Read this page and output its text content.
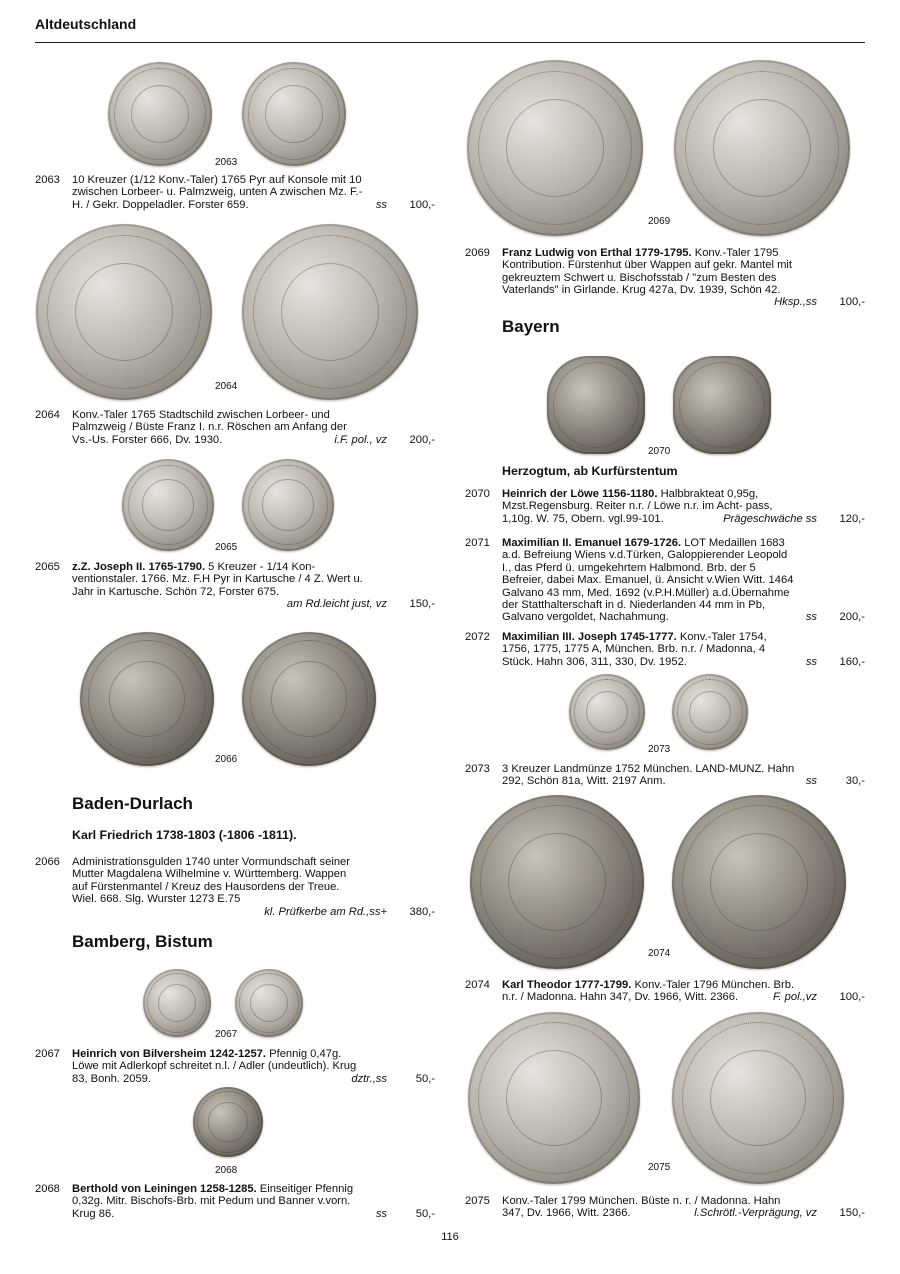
Altdeutschland
2063
2063	10 Kreuzer (1/12 Konv.-Taler) 1765 Pyr auf Konsole mit 10
zwischen Lorbeer- u. Palmzweig, unten A zwischen Mz. F.-
H. / Gekr. Doppeladler. Forster 659.	ss	100,-
2064
2064	Konv.-Taler 1765 Stadtschild zwischen Lorbeer- und
Palmzweig / Büste Franz I. n.r. Röschen am Anfang der
Vs.-Us. Forster 666, Dv. 1930.	i.F. pol., vz	200,-
2065
2065	z.Z. Joseph II. 1765-1790. 5 Kreuzer - 1/14 Kon-
ventionstaler. 1766. Mz. F.H Pyr in Kartusche / 4 Z. Wert u.
Jahr in Kartusche. Schön 72, Forster 675.
am Rd.leicht just, vz	150,-
2066
Baden-Durlach
Karl Friedrich 1738-1803 (-1806 -1811).
2066	Administrationsgulden 1740 unter Vormundschaft seiner
Mutter Magdalena Wilhelmine v. Württemberg. Wappen
auf Fürstenmantel / Kreuz des Hausordens der Treue.
Wiel. 668. Slg. Wurster 1273 E.75
kl. Prüfkerbe am Rd.,ss+	380,-
Bamberg, Bistum
2067
2067	Heinrich von Bilversheim 1242-1257. Pfennig 0,47g.
Löwe mit Adlerkopf schreitet n.l. / Adler (undeutlich). Krug
83, Bonh. 2059.	dztr.,ss	50,-
2068
2068	Berthold von Leiningen 1258-1285. Einseitiger Pfennig
0,32g. Mitr. Bischofs-Brb. mit Pedum und Banner v.vorn.
Krug 86.	ss	50,-
2069
2069	Franz Ludwig von Erthal 1779-1795. Konv.-Taler 1795
Kontribution. Fürstenhut über Wappen auf gekr. Mantel mit
gekreuztem Schwert u. Bischofsstab / "zum Besten des
Vaterlands" in Girlande. Krug 427a, Dv. 1939, Schön 42.
Hksp.,ss	100,-
Bayern
2070
Herzogtum, ab Kurfürstentum
2070	Heinrich der Löwe 1156-1180. Halbbrakteat 0,95g,
Mzst.Regensburg. Reiter n.r. / Löwe n.r. im Acht- pass,
1,10g. W. 75, Obern. vgl.99-101.	Prägeschwäche ss	120,-
2071	Maximilian II. Emanuel 1679-1726. LOT Medaillen 1683
a.d. Befreiung Wiens v.d.Türken, Galoppierender Leopold
I., das Pferd ü. umgekehrtem Halbmond. Brb. der 5
Befreier, dabei Max. Emanuel, ü. Ansicht v.Wien Witt. 1464
Galvano 43 mm, Med. 1692 (v.P.H.Müller) a.d.Übernahme
der Statthalterschaft in d. Niederlanden 44 mm in Pb,
Galvano vergoldet, Nachahmung.	ss	200,-
2072	Maximilian III. Joseph 1745-1777. Konv.-Taler 1754,
1756, 1775, 1775 A, München. Brb. n.r. / Madonna, 4
Stück. Hahn 306, 311, 330, Dv. 1952.	ss	160,-
2073
2073	3 Kreuzer Landmünze 1752 München. LAND-MUNZ. Hahn
292, Schön 81a, Witt. 2197 Anm.	ss	30,-
2074
2074	Karl Theodor 1777-1799. Konv.-Taler 1796 München. Brb.
n.r. / Madonna. Hahn 347, Dv. 1966, Witt. 2366.	F. pol.,vz	100,-
2075
2075	Konv.-Taler 1799 München. Büste n. r. / Madonna. Hahn
347, Dv. 1966, Witt. 2366.	l.Schrötl.-Verprägung, vz	150,-
116
